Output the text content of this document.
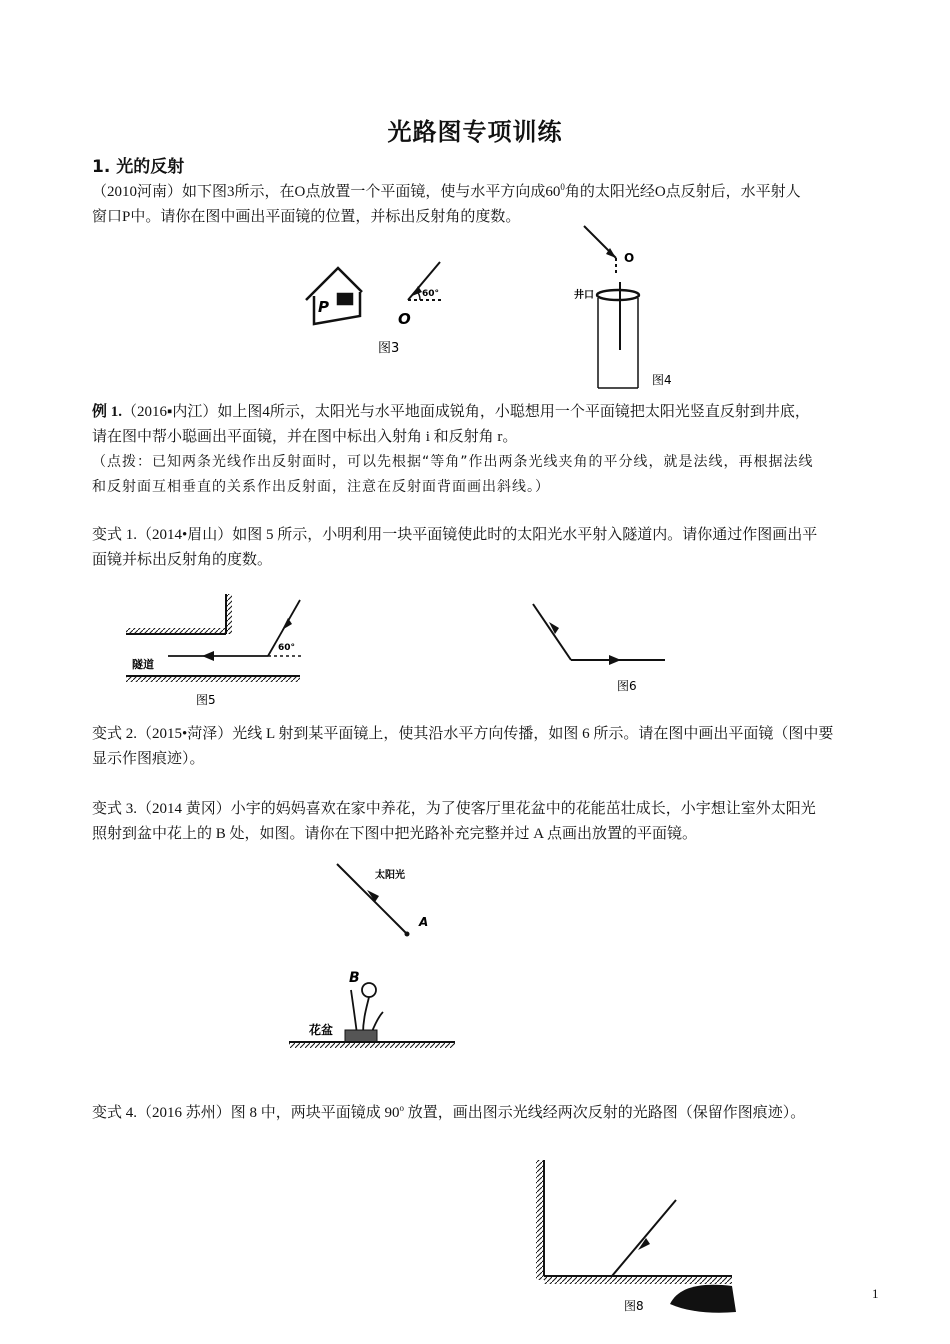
光路图专项训练
1. 光的反射
（2010河南）如下图3所示，在O点放置一个平面镜，使与水平方向成$60^0$角的太阳光经O点反射后，水平射人
窗口P中。请你在图中画出平面镜的位置，并标出反射角的度数。
P
60°
O
图3
O
井口
图4
例 1.（2016▪内江）如上图4所示，太阳光与水平地面成锐角，小聪想用一个平面镜把太阳光竖直反射到井底，
请在图中帮小聪画出平面镜，并在图中标出入射角 i 和反射角 r。
（点拨：已知两条光线作出反射面时，可以先根据“等角”作出两条光线夹角的平分线，就是法线，再根据法线
和反射面互相垂直的关系作出反射面，注意在反射面背面画出斜线。）
变式 1.（2014•眉山）如图 5 所示，小明利用一块平面镜使此时的太阳光水平射入隧道内。请你通过作图画出平
面镜并标出反射角的度数。
60°
隧道
图5
图6
变式 2.（2015•菏泽）光线 L 射到某平面镜上，使其沿水平方向传播，如图 6 所示。请在图中画出平面镜（图中要
显示作图痕迹）。
变式 3.（2014 黄冈）小宇的妈妈喜欢在家中养花，为了使客厅里花盆中的花能茁壮成长，小宇想让室外太阳光
照射到盆中花上的 B 处，如图。请你在下图中把光路补充完整并过 A 点画出放置的平面镜。
太阳光
A
B
花盆
变式 4.（2016 苏州）图 8 中，两块平面镜成 90$^o$ 放置，画出图示光线经两次反射的光路图（保留作图痕迹）。
图8
1
